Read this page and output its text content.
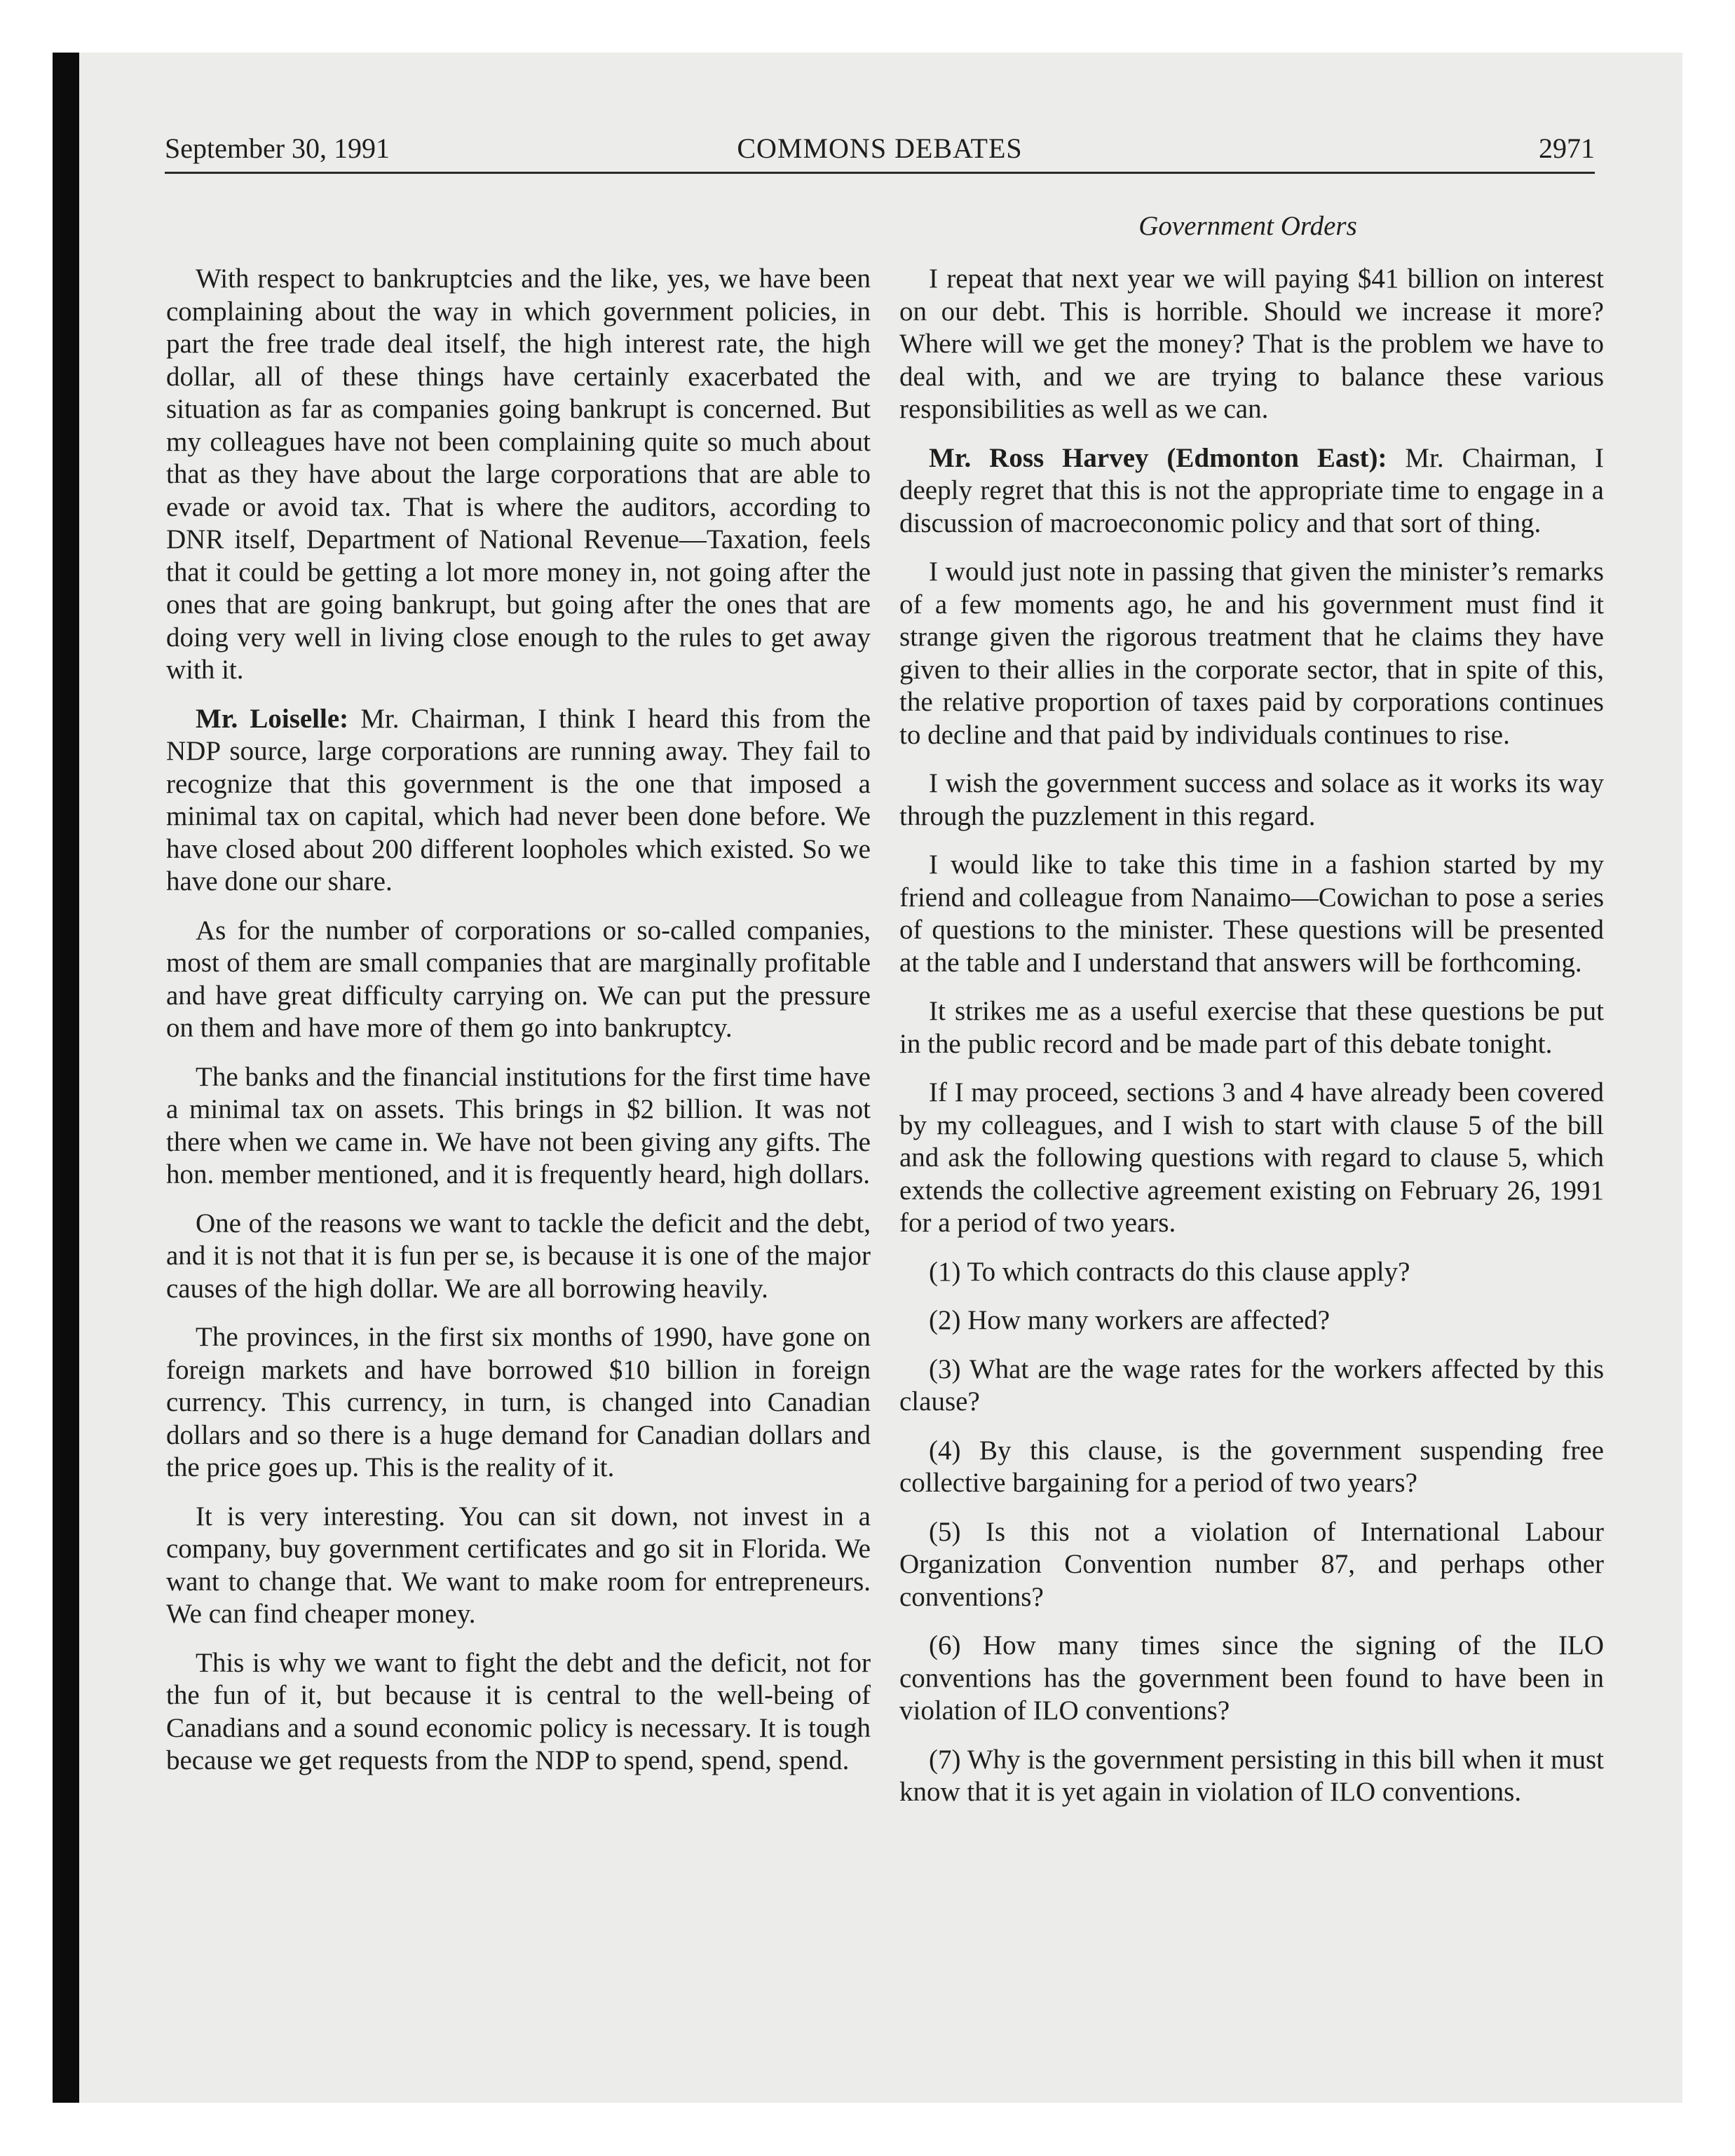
September 30, 1991	COMMONS DEBATES	2971
Government Orders

With respect to bankruptcies and the like, yes, we have been complaining about the way in which government policies, in part the free trade deal itself, the high interest rate, the high dollar, all of these things have certainly exacerbated the situation as far as companies going bankrupt is concerned. But my colleagues have not been complaining quite so much about that as they have about the large corporations that are able to evade or avoid tax. That is where the auditors, according to DNR itself, Department of National Revenue—Taxation, feels that it could be getting a lot more money in, not going after the ones that are going bankrupt, but going after the ones that are doing very well in living close enough to the rules to get away with it.

Mr. Loiselle: Mr. Chairman, I think I heard this from the NDP source, large corporations are running away. They fail to recognize that this government is the one that imposed a minimal tax on capital, which had never been done before. We have closed about 200 different loopholes which existed. So we have done our share.

As for the number of corporations or so-called companies, most of them are small companies that are marginally profitable and have great difficulty carrying on. We can put the pressure on them and have more of them go into bankruptcy.

The banks and the financial institutions for the first time have a minimal tax on assets. This brings in $2 billion. It was not there when we came in. We have not been giving any gifts. The hon. member mentioned, and it is frequently heard, high dollars.

One of the reasons we want to tackle the deficit and the debt, and it is not that it is fun per se, is because it is one of the major causes of the high dollar. We are all borrowing heavily.

The provinces, in the first six months of 1990, have gone on foreign markets and have borrowed $10 billion in foreign currency. This currency, in turn, is changed into Canadian dollars and so there is a huge demand for Canadian dollars and the price goes up. This is the reality of it.

It is very interesting. You can sit down, not invest in a company, buy government certificates and go sit in Florida. We want to change that. We want to make room for entrepreneurs. We can find cheaper money.

This is why we want to fight the debt and the deficit, not for the fun of it, but because it is central to the well-being of Canadians and a sound economic policy is necessary. It is tough because we get requests from the NDP to spend, spend, spend.

I repeat that next year we will paying $41 billion on interest on our debt. This is horrible. Should we increase it more? Where will we get the money? That is the problem we have to deal with, and we are trying to balance these various responsibilities as well as we can.

Mr. Ross Harvey (Edmonton East): Mr. Chairman, I deeply regret that this is not the appropriate time to engage in a discussion of macroeconomic policy and that sort of thing.

I would just note in passing that given the minister’s remarks of a few moments ago, he and his government must find it strange given the rigorous treatment that he claims they have given to their allies in the corporate sector, that in spite of this, the relative proportion of taxes paid by corporations continues to decline and that paid by individuals continues to rise.

I wish the government success and solace as it works its way through the puzzlement in this regard.

I would like to take this time in a fashion started by my friend and colleague from Nanaimo—Cowichan to pose a series of questions to the minister. These questions will be presented at the table and I understand that answers will be forthcoming.

It strikes me as a useful exercise that these questions be put in the public record and be made part of this debate tonight.

If I may proceed, sections 3 and 4 have already been covered by my colleagues, and I wish to start with clause 5 of the bill and ask the following questions with regard to clause 5, which extends the collective agreement existing on February 26, 1991 for a period of two years.

(1) To which contracts do this clause apply?

(2) How many workers are affected?

(3) What are the wage rates for the workers affected by this clause?

(4) By this clause, is the government suspending free collective bargaining for a period of two years?

(5) Is this not a violation of International Labour Organization Convention number 87, and perhaps other conventions?

(6) How many times since the signing of the ILO conventions has the government been found to have been in violation of ILO conventions?

(7) Why is the government persisting in this bill when it must know that it is yet again in violation of ILO conventions.
